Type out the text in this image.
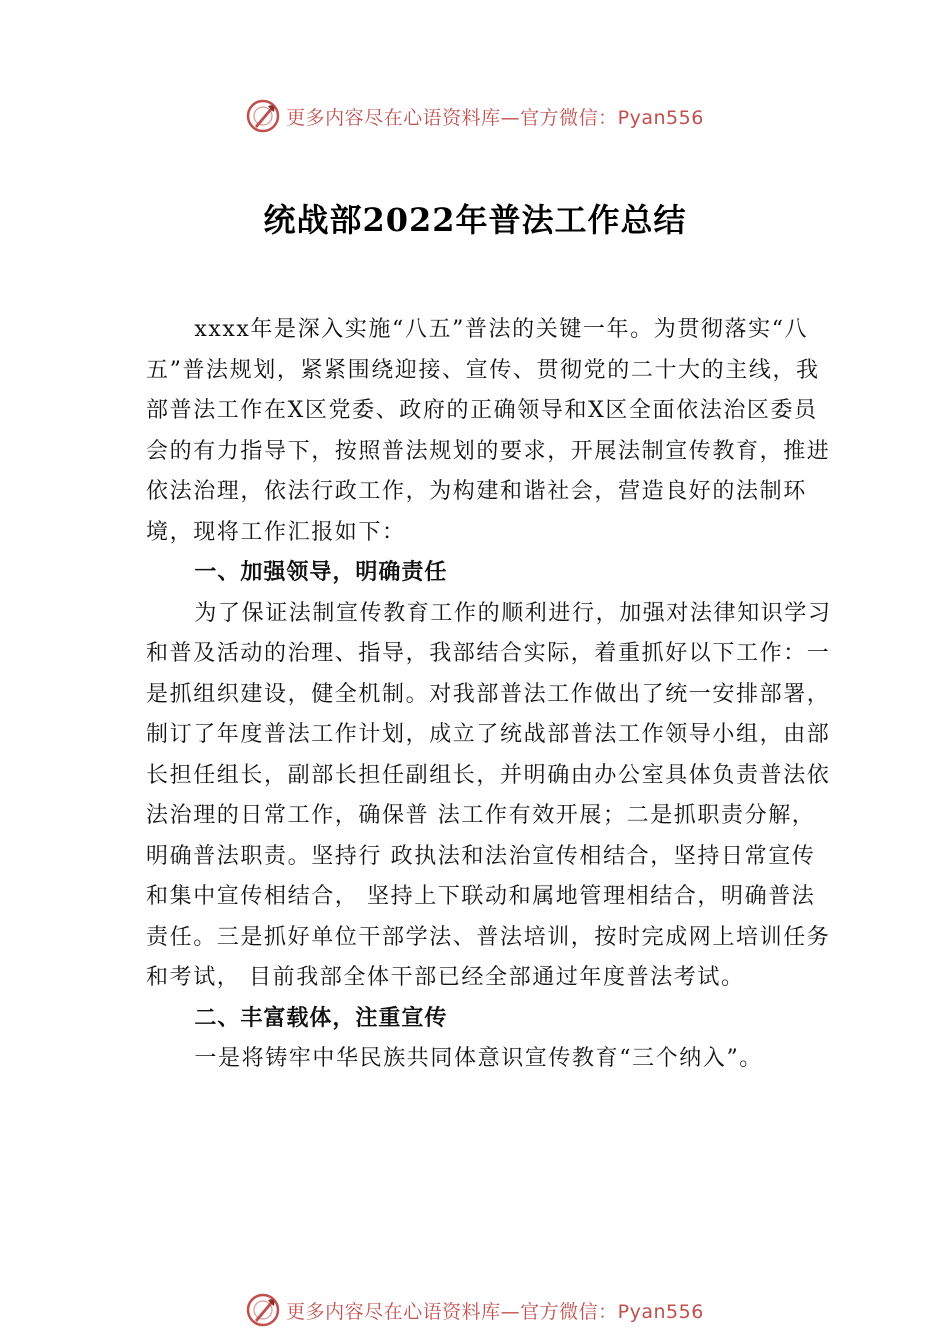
更多内容尽在心语资料库—官方微信：Pyan556
统战部2022年普法工作总结

xxxx年是深入实施“八五”普法的关键一年。为贯彻落实“八五”普法规划，紧紧围绕迎接、宣传、贯彻党的二十大的主线，我部普法工作在X区党委、政府的正确领导和X区全面依法治区委员会的有力指导下，按照普法规划的要求，开展法制宣传教育，推进依法治理，依法行政工作，为构建和谐社会，营造良好的法制环境，现将工作汇报如下：

一、加强领导，明确责任

为了保证法制宣传教育工作的顺利进行，加强对法律知识学习和普及活动的治理、指导，我部结合实际，着重抓好以下工作：一是抓组织建设，健全机制。对我部普法工作做出了统一安排部署，制订了年度普法工作计划，成立了统战部普法工作领导小组，由部长担任组长，副部长担任副组长，并明确由办公室具体负责普法依法治理的日常工作，确保普 法工作有效开展；二是抓职责分解，明确普法职责。坚持行 政执法和法治宣传相结合，坚持日常宣传和集中宣传相结合， 坚持上下联动和属地管理相结合，明确普法责任。三是抓好单位干部学法、普法培训，按时完成网上培训任务和考试， 目前我部全体干部已经全部通过年度普法考试。

二、丰富载体，注重宣传

一是将铸牢中华民族共同体意识宣传教育“三个纳入”。

更多内容尽在心语资料库—官方微信：Pyan556
